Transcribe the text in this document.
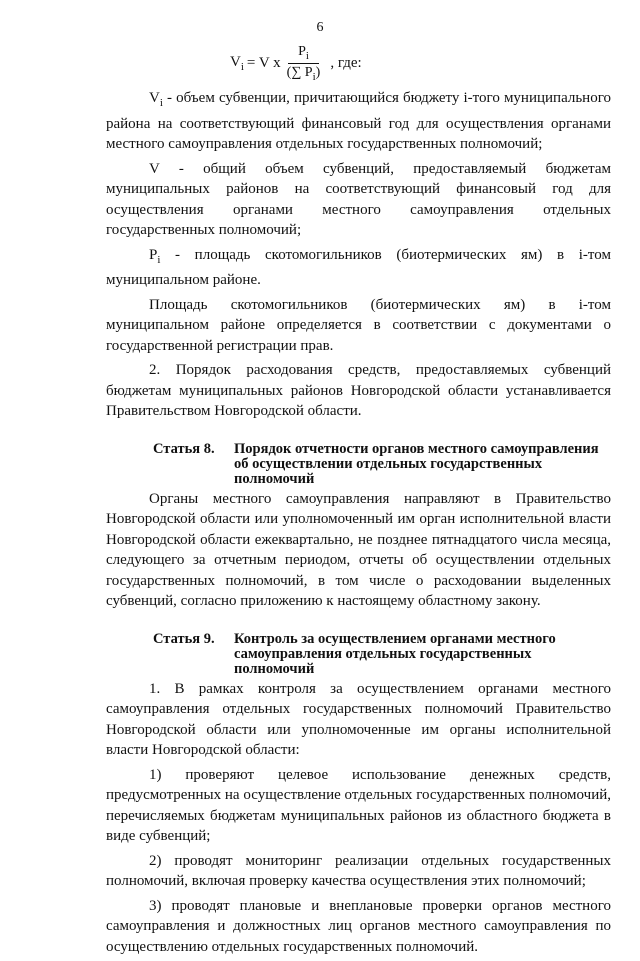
6
$V_i = V$ x $\frac{P_i}{(\sum P_i)}$ , где:

$V_i$ - объем субвенции, причитающийся бюджету i-того муниципального района на соответствующий финансовый год для осуществления органами местного самоуправления отдельных государственных полномочий;

V - общий объем субвенций, предоставляемый бюджетам муниципальных районов на соответствующий финансовый год для осуществления органами местного самоуправления отдельных государственных полномочий;

$P_i$ - площадь скотомогильников (биотермических ям) в i-том муниципальном районе.

Площадь скотомогильников (биотермических ям) в i-том муниципальном районе определяется в соответствии с документами о государственной регистрации прав.

2. Порядок расходования средств, предоставляемых субвенций бюджетам муниципальных районов Новгородской области устанавливается Правительством Новгородской области.

Статья 8.	Порядок отчетности органов местного самоуправления об осуществлении отдельных государственных полномочий

Органы местного самоуправления направляют в Правительство Новгородской области или уполномоченный им орган исполнительной власти Новгородской области ежеквартально, не позднее пятнадцатого числа месяца, следующего за отчетным периодом, отчеты об осуществлении отдельных государственных полномочий, в том числе о расходовании выделенных субвенций, согласно приложению к настоящему областному закону.

Статья 9.	Контроль за осуществлением органами местного самоуправления отдельных государственных полномочий

1. В рамках контроля за осуществлением органами местного самоуправления отдельных государственных полномочий Правительство Новгородской области или уполномоченные им органы исполнительной власти Новгородской области:

1) проверяют целевое использование денежных средств, предусмотренных на осуществление отдельных государственных полномочий, перечисляемых бюджетам муниципальных районов из областного бюджета в виде субвенций;

2) проводят мониторинг реализации отдельных государственных полномочий, включая проверку качества осуществления этих полномочий;

3) проводят плановые и внеплановые проверки органов местного самоуправления и должностных лиц органов местного самоуправления по осуществлению отдельных государственных полномочий.
